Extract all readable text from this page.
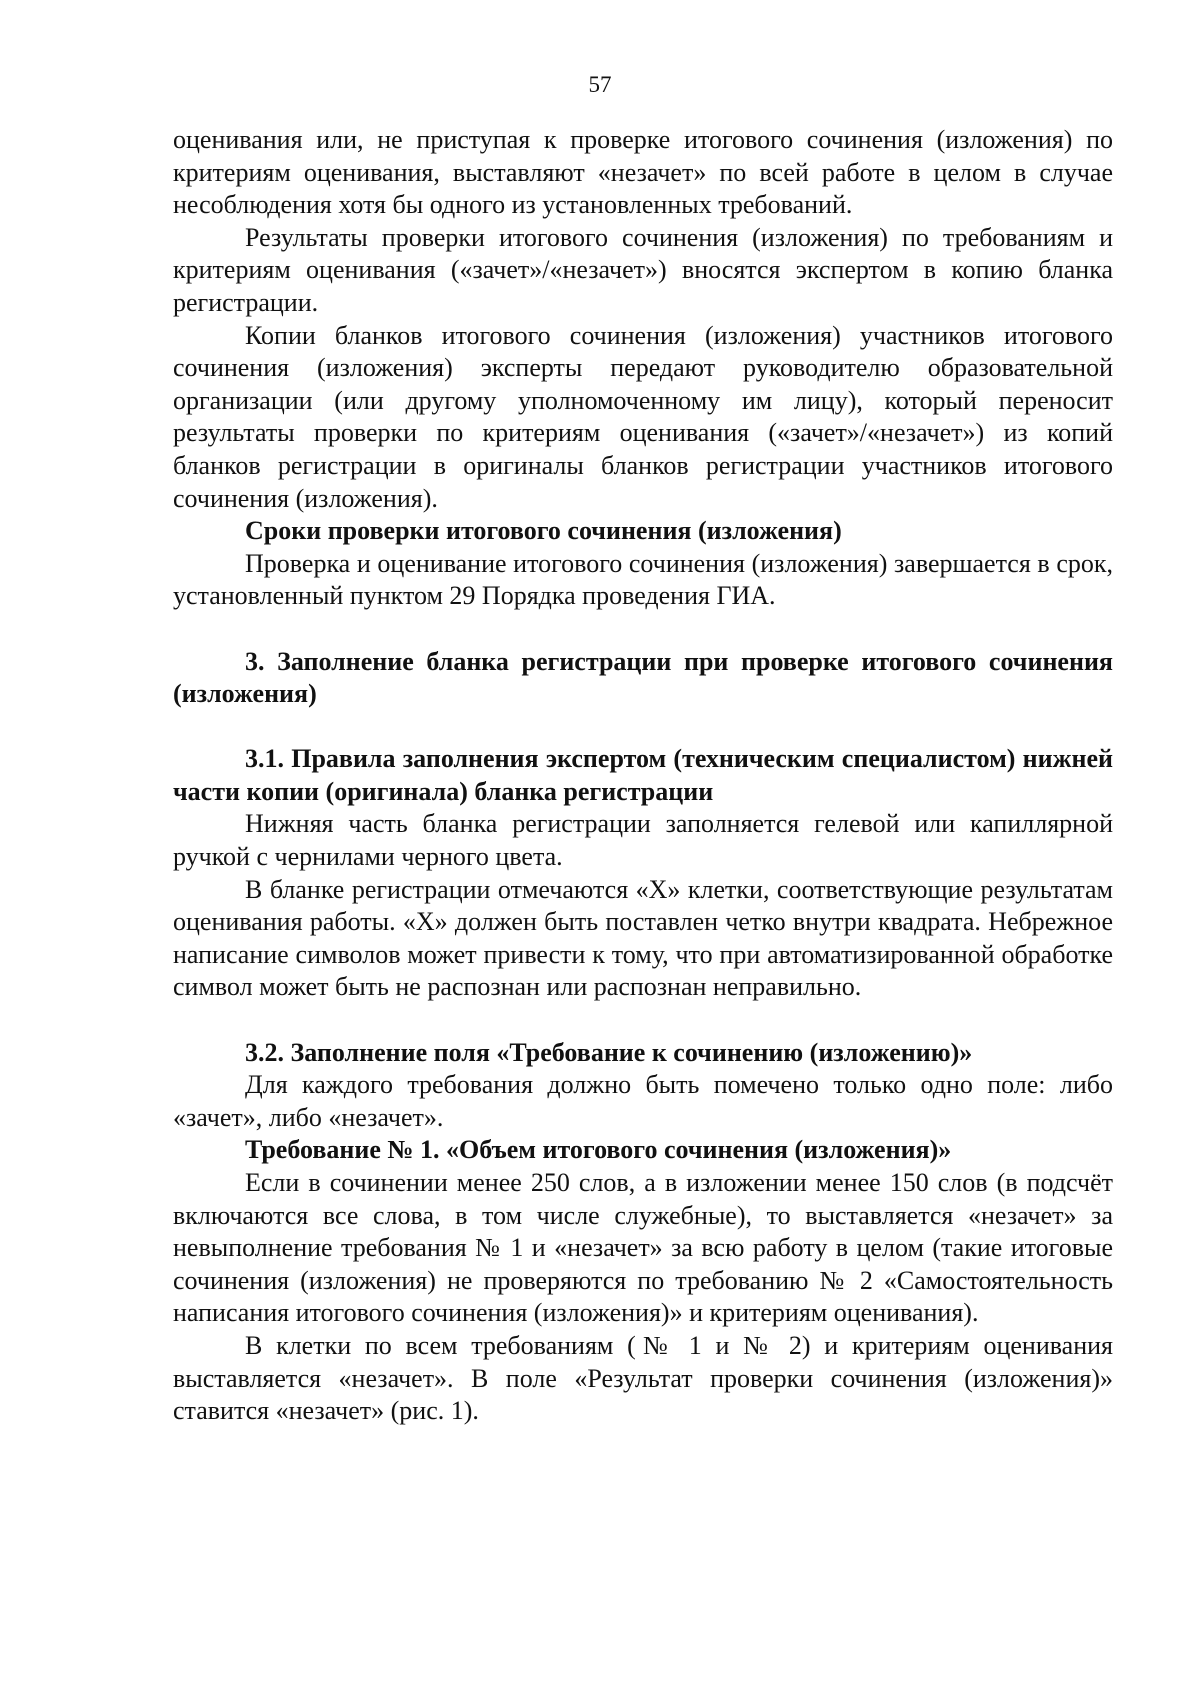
57

оценивания или, не приступая к проверке итогового сочинения (изложения) по критериям оценивания, выставляют «незачет» по всей работе в целом в случае несоблюдения хотя бы одного из установленных требований.

Результаты проверки итогового сочинения (изложения) по требованиям и критериям оценивания («зачет»/«незачет») вносятся экспертом в копию бланка регистрации.

Копии бланков итогового сочинения (изложения) участников итогового сочинения (изложения) эксперты передают руководителю образовательной организации (или другому уполномоченному им лицу), который переносит результаты проверки по критериям оценивания («зачет»/«незачет») из копий бланков регистрации в оригиналы бланков регистрации участников итогового сочинения (изложения).

Сроки проверки итогового сочинения (изложения)

Проверка и оценивание итогового сочинения (изложения) завершается в срок, установленный пунктом 29 Порядка проведения ГИА.

3. Заполнение бланка регистрации при проверке итогового сочинения (изложения)

3.1. Правила заполнения экспертом (техническим специалистом) нижней части копии (оригинала) бланка регистрации

Нижняя часть бланка регистрации заполняется гелевой или капиллярной ручкой с чернилами черного цвета.

В бланке регистрации отмечаются «X» клетки, соответствующие результатам оценивания работы. «X» должен быть поставлен четко внутри квадрата. Небрежное написание символов может привести к тому, что при автоматизированной обработке символ может быть не распознан или распознан неправильно.

3.2. Заполнение поля «Требование к сочинению (изложению)»

Для каждого требования должно быть помечено только одно поле: либо «зачет», либо «незачет».

Требование № 1. «Объем итогового сочинения (изложения)»

Если в сочинении менее 250 слов, а в изложении менее 150 слов (в подсчёт включаются все слова, в том числе служебные), то выставляется «незачет» за невыполнение требования № 1 и «незачет» за всю работу в целом (такие итоговые сочинения (изложения) не проверяются по требованию № 2 «Самостоятельность написания итогового сочинения (изложения)» и критериям оценивания).

В клетки по всем требованиям (№ 1 и № 2) и критериям оценивания выставляется «незачет». В поле «Результат проверки сочинения (изложения)» ставится «незачет» (рис. 1).
